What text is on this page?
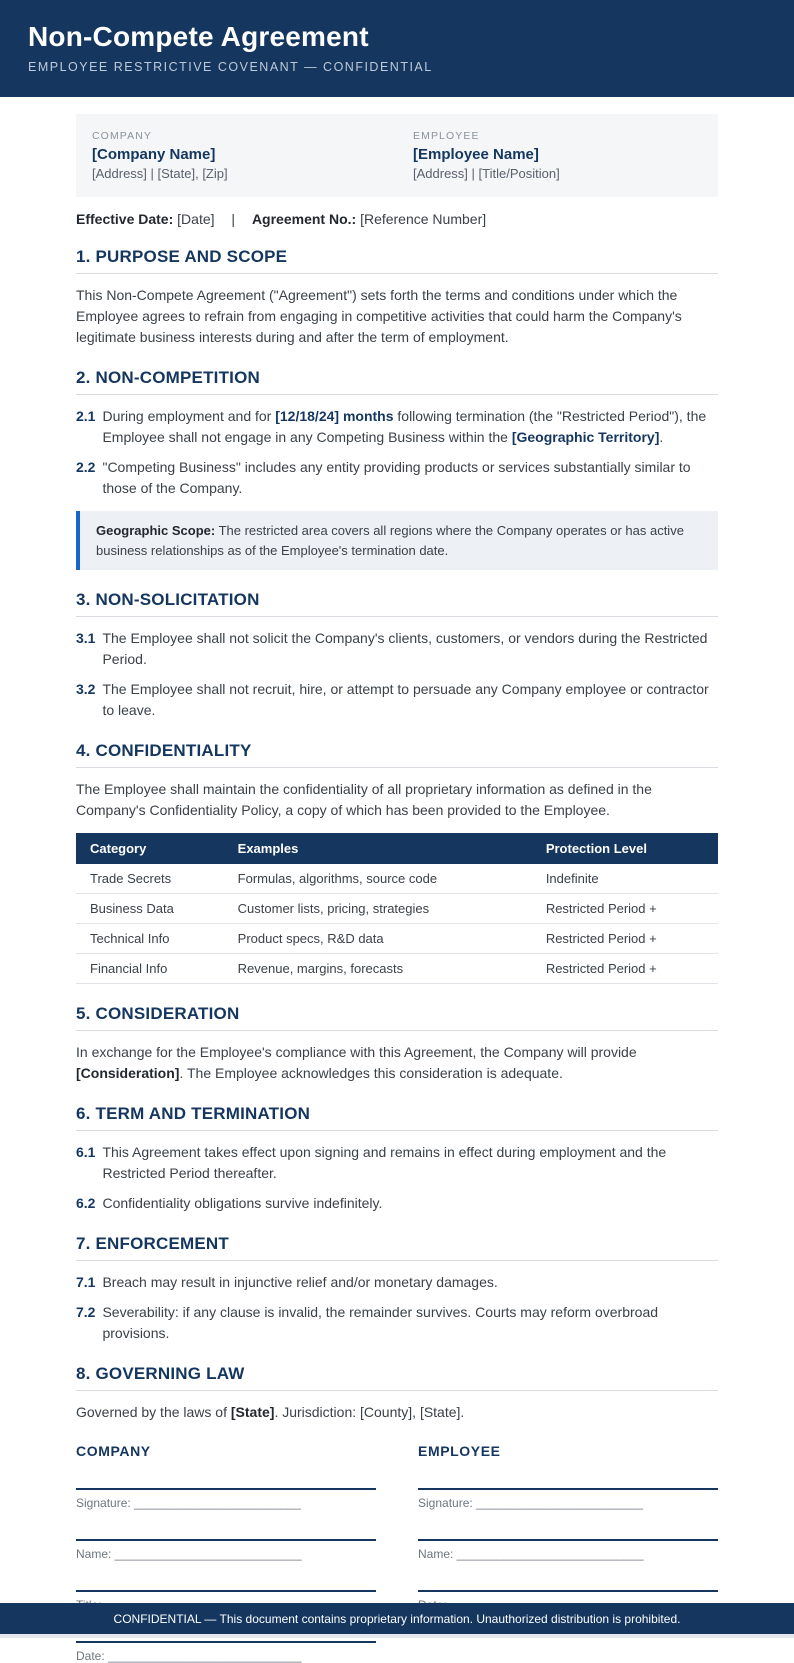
Non-Compete Agreement
EMPLOYEE RESTRICTIVE COVENANT — CONFIDENTIAL
COMPANY
[Company Name]
[Address] | [State], [Zip]
EMPLOYEE
[Employee Name]
[Address] | [Title/Position]
Effective Date: [Date] | Agreement No.: [Reference Number]
1. PURPOSE AND SCOPE

This Non-Compete Agreement ("Agreement") sets forth the terms and conditions under which the Employee agrees to refrain from engaging in competitive activities that could harm the Company's legitimate business interests during and after the term of employment.

2. NON-COMPETITION
2.1 During employment and for [12/18/24] months following termination (the "Restricted Period"), the Employee shall not engage in any Competing Business within the [Geographic Territory].
2.2 "Competing Business" includes any entity providing products or services substantially similar to those of the Company.
Geographic Scope: The restricted area covers all regions where the Company operates or has active business relationships as of the Employee's termination date.
3. NON-SOLICITATION
3.1 The Employee shall not solicit the Company's clients, customers, or vendors during the Restricted Period.
3.2 The Employee shall not recruit, hire, or attempt to persuade any Company employee or contractor to leave.
4. CONFIDENTIALITY

The Employee shall maintain the confidentiality of all proprietary information as defined in the Company's Confidentiality Policy, a copy of which has been provided to the Employee.

Category	Examples	Protection Level
Trade Secrets	Formulas, algorithms, source code	Indefinite
Business Data	Customer lists, pricing, strategies	Restricted Period +
Technical Info	Product specs, R&D data	Restricted Period +
Financial Info	Revenue, margins, forecasts	Restricted Period +
5. CONSIDERATION

In exchange for the Employee's compliance with this Agreement, the Company will provide [Consideration]. The Employee acknowledges this consideration is adequate.

6. TERM AND TERMINATION
6.1 This Agreement takes effect upon signing and remains in effect during employment and the Restricted Period thereafter.
6.2 Confidentiality obligations survive indefinitely.
7. ENFORCEMENT
7.1 Breach may result in injunctive relief and/or monetary damages.
7.2 Severability: if any clause is invalid, the remainder survives. Courts may reform overbroad provisions.
8. GOVERNING LAW

Governed by the laws of [State]. Jurisdiction: [County], [State].

COMPANY
Signature: _________________________
Name: ____________________________
Date: _____________________________
EMPLOYEE
Signature: _________________________
Name: ____________________________
CONFIDENTIAL — This document contains proprietary information. Unauthorized distribution is prohibited.
